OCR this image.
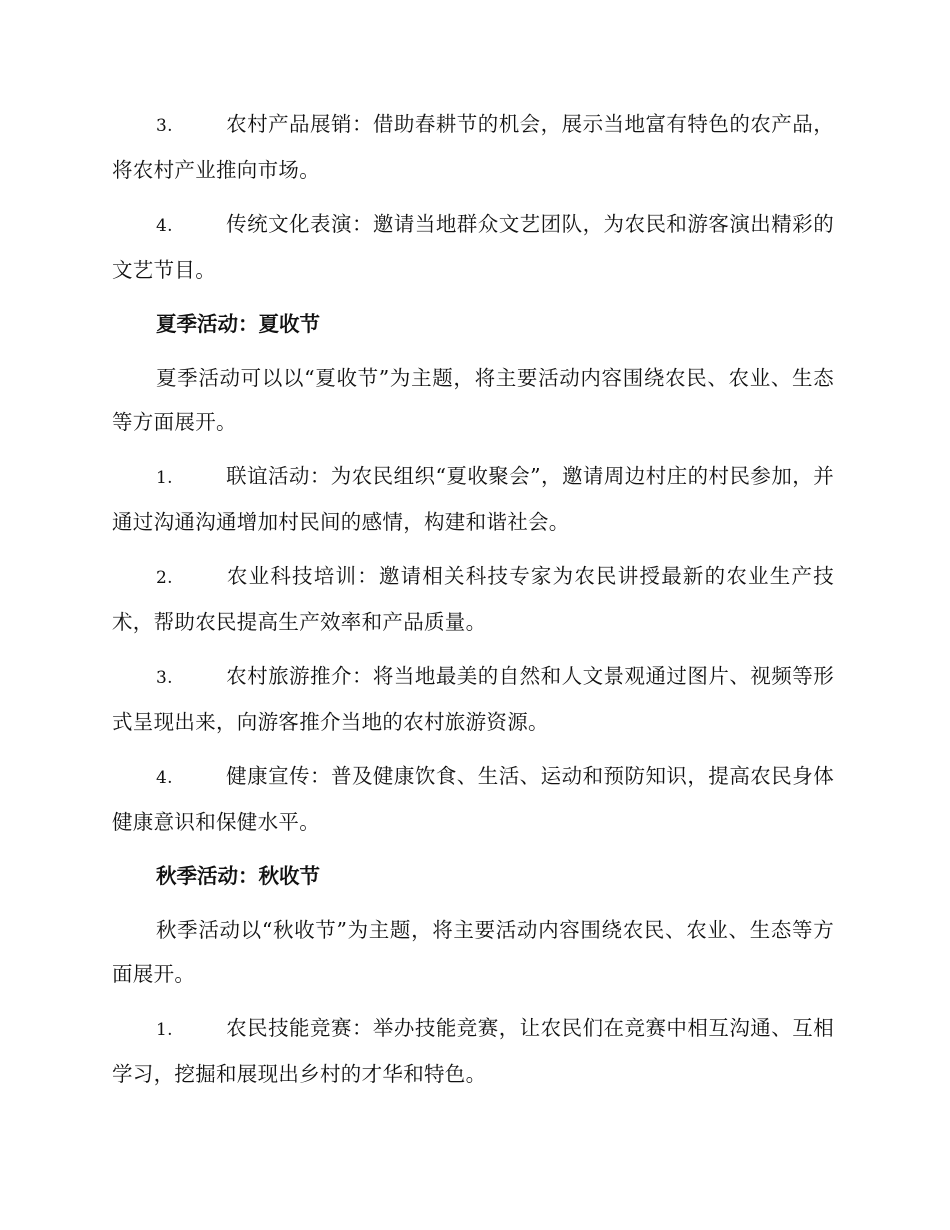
3.	农村产品展销：借助春耕节的机会，展示当地富有特色的农产品，将农村产业推向市场。

4.	传统文化表演：邀请当地群众文艺团队，为农民和游客演出精彩的文艺节目。

夏季活动：夏收节

夏季活动可以以“夏收节”为主题，将主要活动内容围绕农民、农业、生态等方面展开。

1.	联谊活动：为农民组织“夏收聚会”，邀请周边村庄的村民参加，并通过沟通沟通增加村民间的感情，构建和谐社会。

2.	农业科技培训：邀请相关科技专家为农民讲授最新的农业生产技术，帮助农民提高生产效率和产品质量。

3.	农村旅游推介：将当地最美的自然和人文景观通过图片、视频等形式呈现出来，向游客推介当地的农村旅游资源。

4.	健康宣传：普及健康饮食、生活、运动和预防知识，提高农民身体健康意识和保健水平。

秋季活动：秋收节

秋季活动以“秋收节”为主题，将主要活动内容围绕农民、农业、生态等方面展开。

1.	农民技能竞赛：举办技能竞赛，让农民们在竞赛中相互沟通、互相学习，挖掘和展现出乡村的才华和特色。
